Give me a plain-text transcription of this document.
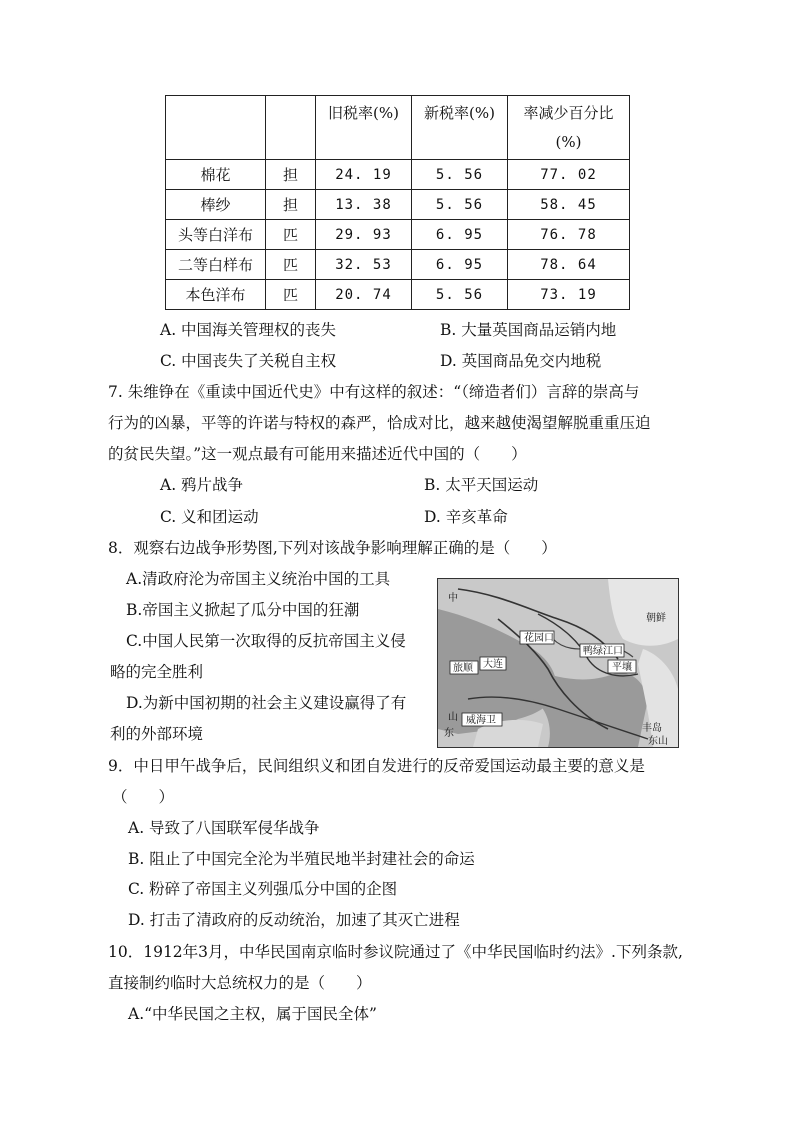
		旧税率(%)	新税率(%)	率减少百分比
(%)
棉花	担	24. 19	5. 56	77. 02
棒纱	担	13. 38	5. 56	58. 45
头等白洋布	匹	29. 93	6. 95	76. 78
二等白样布	匹	32. 53	6. 95	78. 64
本色洋布	匹	20. 74	5. 56	73. 19
A. 中国海关管理权的丧失	B. 大量英国商品运销内地
C. 中国丧失了关税自主权	D. 英国商品免交内地税
7. 朱维铮在《重读中国近代史》中有这样的叙述：“（缔造者们）言辞的崇高与
行为的凶暴，平等的许诺与特权的森严，恰成对比，越来越使渴望解脱重重压迫
的贫民失望。”这一观点最有可能用来描述近代中国的（　　）
A. 鸦片战争	B. 太平天国运动
C. 义和团运动	D. 辛亥革命
8．观察右边战争形势图,下列对该战争影响理解正确的是（　　）
A.清政府沦为帝国主义统治中国的工具
B.帝国主义掀起了瓜分中国的狂潮
C.中国人民第一次取得的反抗帝国主义侵
略的完全胜利
D.为新中国初期的社会主义建设赢得了有
利的外部环境
中
朝鲜
花园口
鸭绿江口
平壤
旅顺 大连
山 威海卫
东	丰岛
东山
9．中日甲午战争后，民间组织义和团自发进行的反帝爱国运动最主要的意义是
（　　）
A. 导致了八国联军侵华战争
B. 阻止了中国完全沦为半殖民地半封建社会的命运
C. 粉碎了帝国主义列强瓜分中国的企图
D. 打击了清政府的反动统治，加速了其灭亡进程
10．1912年3月，中华民国南京临时参议院通过了《中华民国临时约法》.下列条款,
直接制约临时大总统权力的是（　　）
A.“中华民国之主权，属于国民全体”
